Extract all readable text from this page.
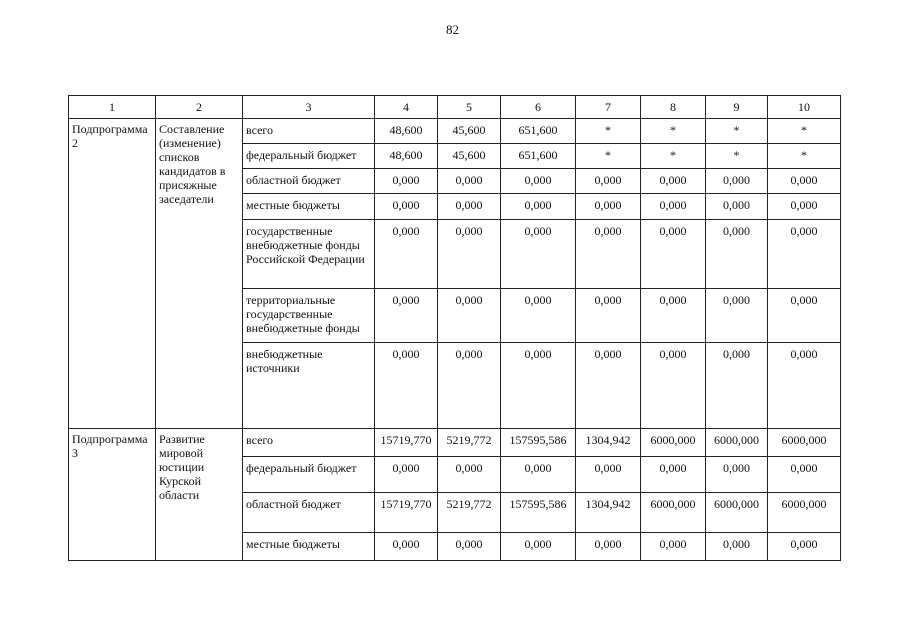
82
1	2	3	4	5	6	7	8	9	10
Подпрограмма 2	Составление (изменение) списков кандидатов в присяжные заседатели	всего	48,600	45,600	651,600	*	*	*	*
		федеральный бюджет	48,600	45,600	651,600	*	*	*	*
		областной бюджет	0,000	0,000	0,000	0,000	0,000	0,000	0,000
		местные бюджеты	0,000	0,000	0,000	0,000	0,000	0,000	0,000
		государственные внебюджетные фонды Российской Федерации	0,000	0,000	0,000	0,000	0,000	0,000	0,000
		территориальные государственные внебюджетные фонды	0,000	0,000	0,000	0,000	0,000	0,000	0,000
		внебюджетные источники	0,000	0,000	0,000	0,000	0,000	0,000	0,000
Подпрограмма 3	Развитие мировой юстиции Курской области	всего	15719,770	5219,772	157595,586	1304,942	6000,000	6000,000	6000,000
		федеральный бюджет	0,000	0,000	0,000	0,000	0,000	0,000	0,000
		областной бюджет	15719,770	5219,772	157595,586	1304,942	6000,000	6000,000	6000,000
		местные бюджеты	0,000	0,000	0,000	0,000	0,000	0,000	0,000
